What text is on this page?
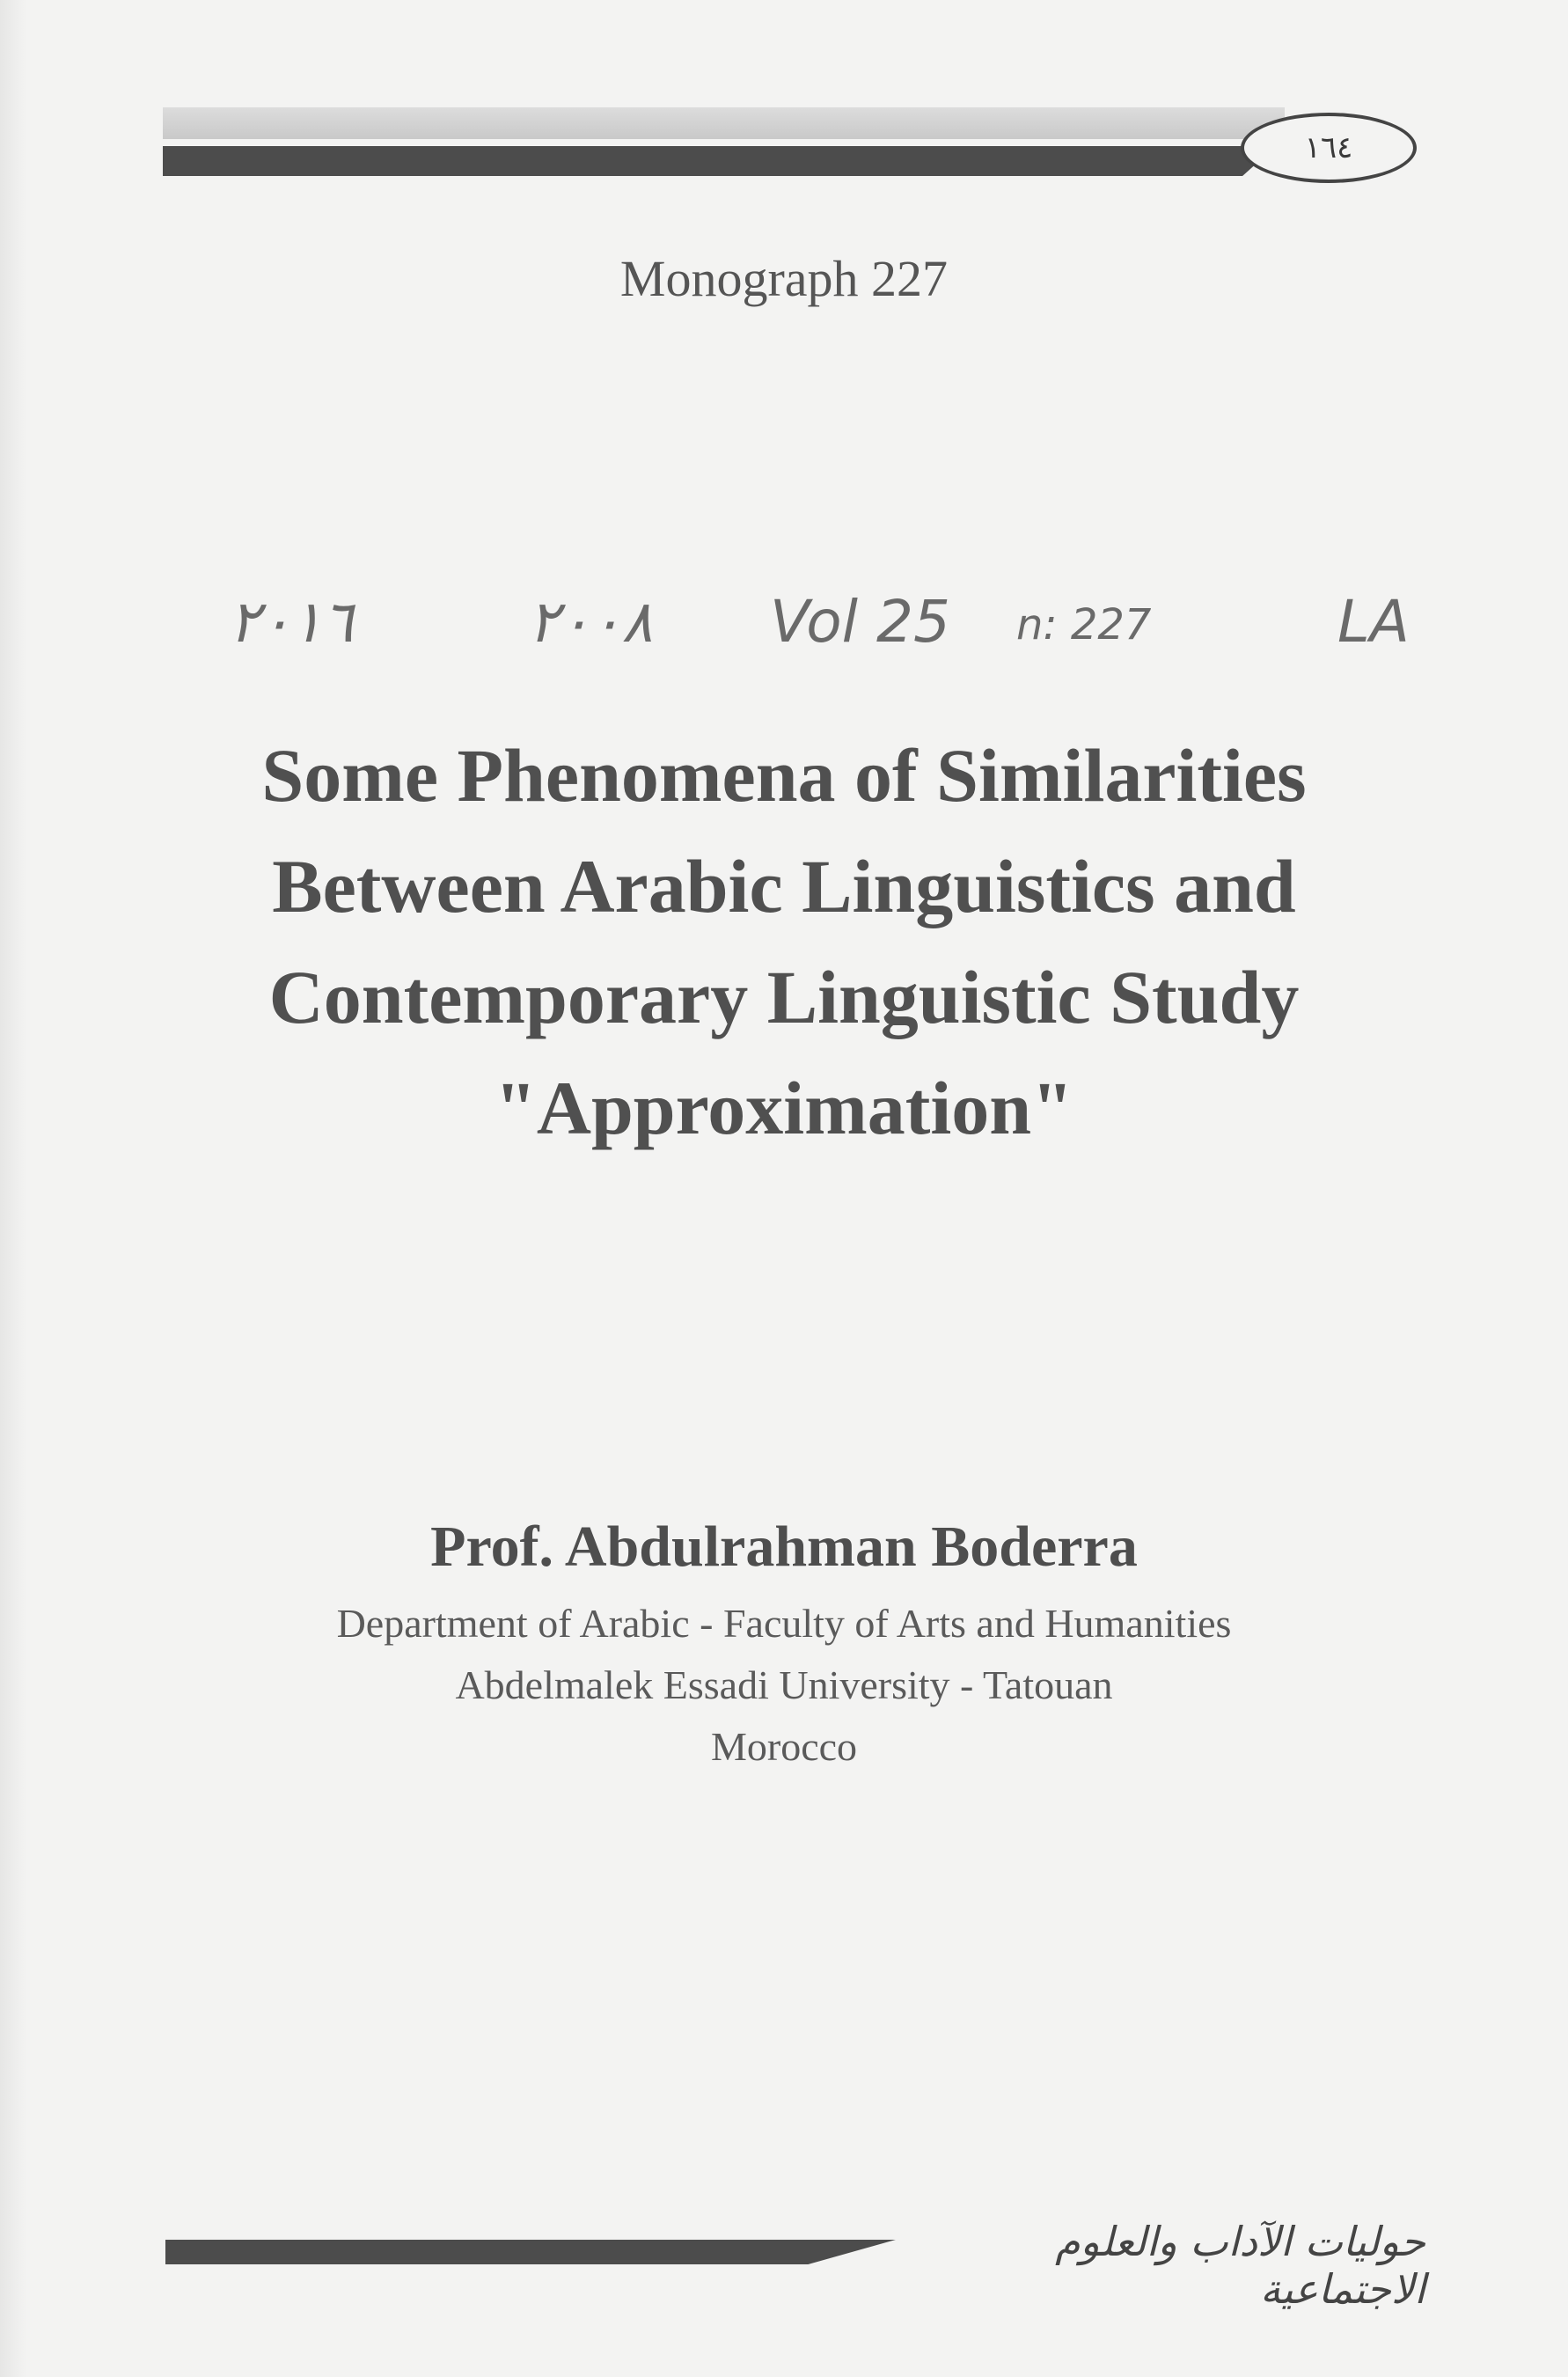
١٦٤
Monograph 227
٢٠١٦	٢٠٠٨ Vol 25 n: 227	LA
Some Phenomena of Similarities
Between Arabic Linguistics and
Contemporary Linguistic Study
"Approximation"
Prof. Abdulrahman Boderra
Department of Arabic - Faculty of Arts and Humanities
Abdelmalek Essadi University - Tatouan
Morocco
حوليات الآداب والعلوم الاجتماعية
